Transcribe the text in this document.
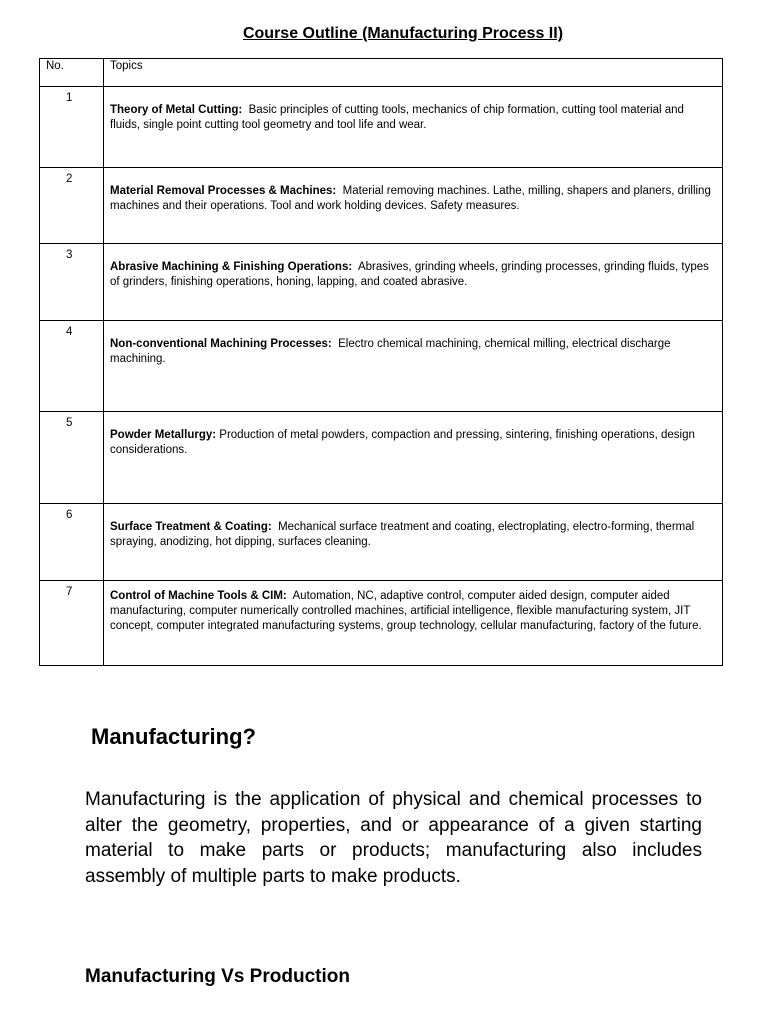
Course Outline (Manufacturing Process II)
No.	Topics
1	Theory of Metal Cutting: Basic principles of cutting tools, mechanics of chip formation, cutting tool material and fluids, single point cutting tool geometry and tool life and wear.
2	Material Removal Processes & Machines: Material removing machines. Lathe, milling, shapers and planers, drilling machines and their operations. Tool and work holding devices. Safety measures.
3	Abrasive Machining & Finishing Operations: Abrasives, grinding wheels, grinding processes, grinding fluids, types of grinders, finishing operations, honing, lapping, and coated abrasive.
4	Non-conventional Machining Processes: Electro chemical machining, chemical milling, electrical discharge machining.
5	Powder Metallurgy: Production of metal powders, compaction and pressing, sintering, finishing operations, design considerations.
6	Surface Treatment & Coating: Mechanical surface treatment and coating, electroplating, electro-forming, thermal spraying, anodizing, hot dipping, surfaces cleaning.
7	Control of Machine Tools & CIM: Automation, NC, adaptive control, computer aided design, computer aided manufacturing, computer numerically controlled machines, artificial intelligence, flexible manufacturing system, JIT concept, computer integrated manufacturing systems, group technology, cellular manufacturing, factory of the future.
Manufacturing?
Manufacturing is the application of physical and chemical processes to alter the geometry, properties, and or appearance of a given starting material to make parts or products; manufacturing also includes assembly of multiple parts to make products.
Manufacturing Vs Production
